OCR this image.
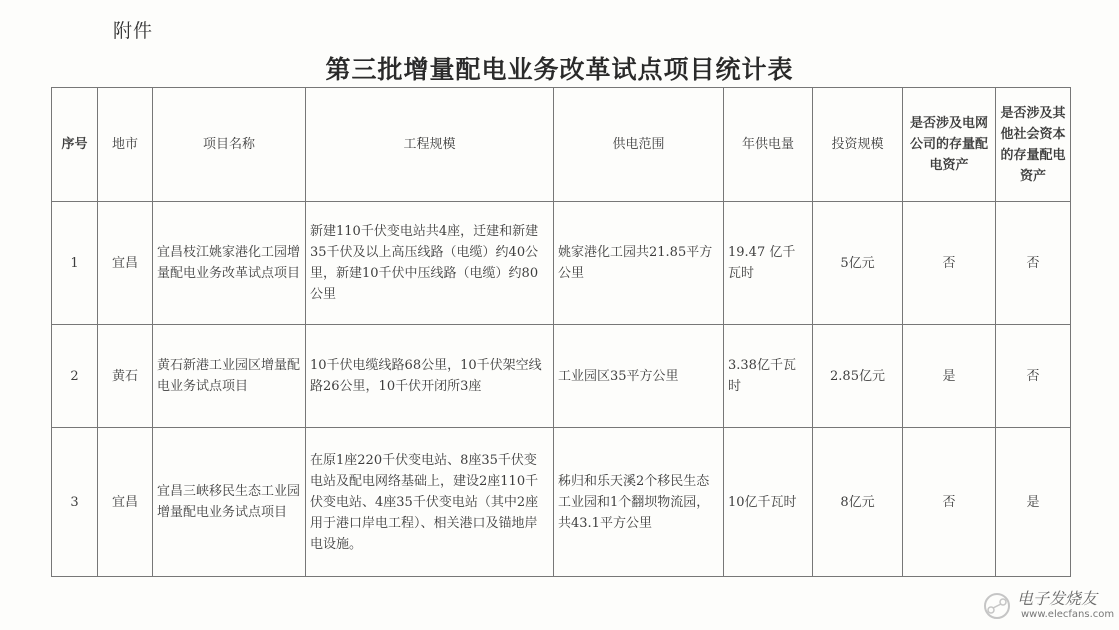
附件
第三批增量配电业务改革试点项目统计表
序号	地市	项目名称	工程规模	供电范围	年供电量	投资规模	是否涉及电网公司的存量配电资产	是否涉及其他社会资本的存量配电资产
1	宜昌	宜昌枝江姚家港化工园增量配电业务改革试点项目	新建110千伏变电站共4座，迁建和新建35千伏及以上高压线路（电缆）约40公里，新建10千伏中压线路（电缆）约80公里	姚家港化工园共21.85平方公里	19.47 亿千瓦时	5亿元	否	否
2	黄石	黄石新港工业园区增量配电业务试点项目	10千伏电缆线路68公里，10千伏架空线路26公里，10千伏开闭所3座	工业园区35平方公里	3.38亿千瓦时	2.85亿元	是	否
3	宜昌	宜昌三峡移民生态工业园增量配电业务试点项目	在原1座220千伏变电站、8座35千伏变电站及配电网络基础上，建设2座110千伏变电站、4座35千伏变电站（其中2座用于港口岸电工程）、相关港口及锚地岸电设施。	秭归和乐天溪2个移民生态工业园和1个翻坝物流园，共43.1平方公里	10亿千瓦时	8亿元	否	是
电子发烧友
www.elecfans.com
